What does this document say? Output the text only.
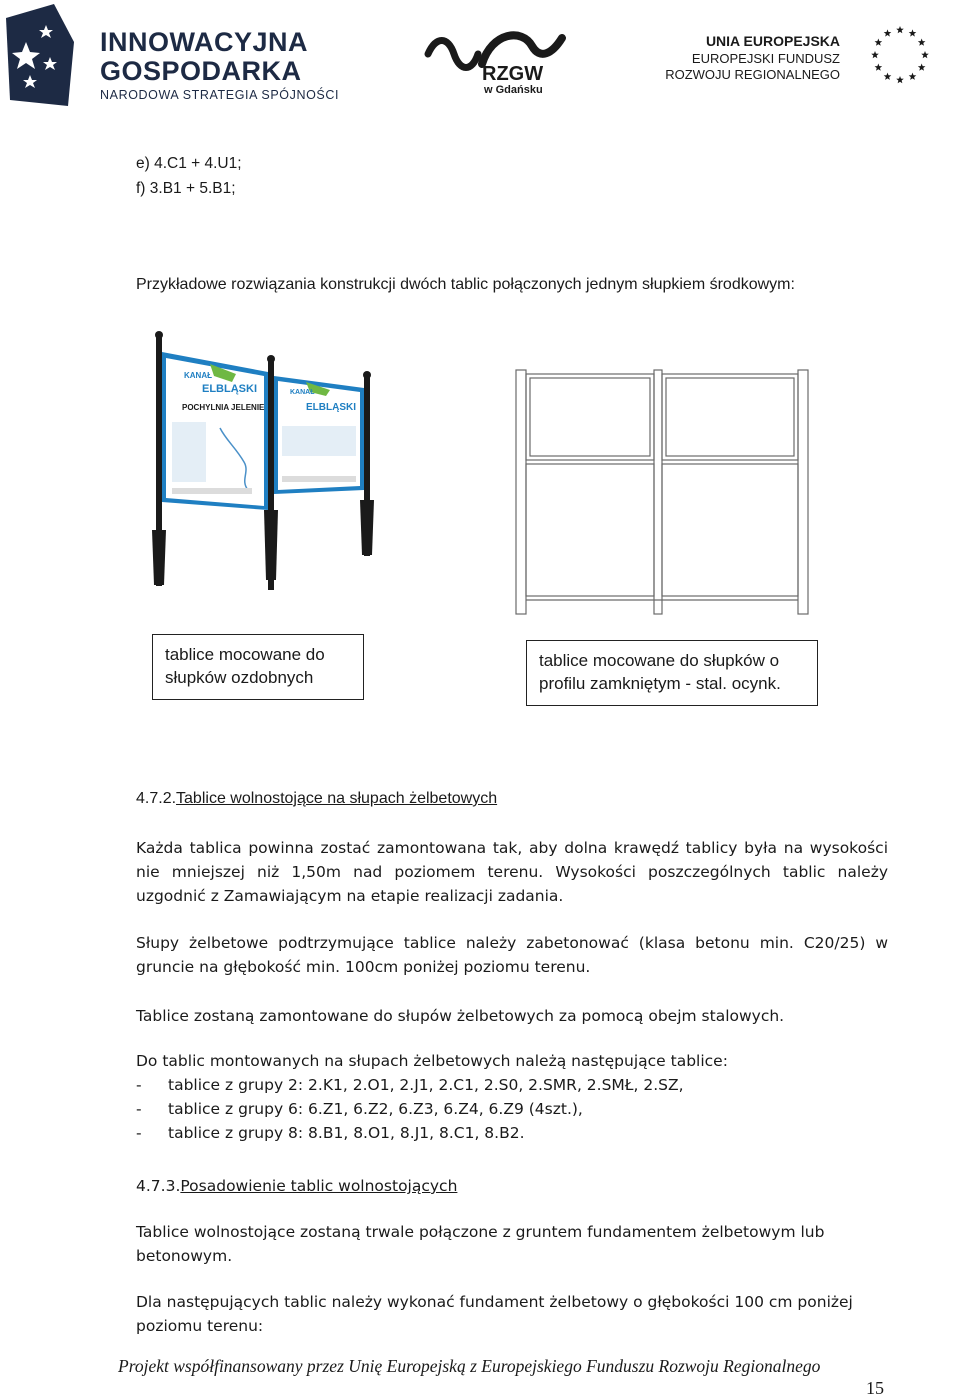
INNOWACYJNA
GOSPODARKA
NARODOWA STRATEGIA SPÓJNOŚCI
RZGW
w Gdańsku
UNIA EUROPEJSKA
EUROPEJSKI FUNDUSZ
ROZWOJU REGIONALNEGO
e) 4.C1 + 4.U1;
f) 3.B1 + 5.B1;
Przykładowe rozwiązania konstrukcji dwóch tablic połączonych jednym słupkiem środkowym:
KANAŁ
ELBLĄSKI
POCHYLNIA JELENIE
KANAŁ
ELBLĄSKI
tablice mocowane do słupków ozdobnych
tablice mocowane do słupków o profilu zamkniętym - stal. ocynk.
4.7.2.Tablice wolnostojące na słupach żelbetowych
Każda tablica powinna zostać zamontowana tak, aby dolna krawędź tablicy była na wysokości nie mniejszej niż 1,50m nad poziomem terenu. Wysokości poszczególnych tablic należy uzgodnić z Zamawiającym na etapie realizacji zadania.
Słupy żelbetowe podtrzymujące tablice należy zabetonować (klasa betonu min. C20/25) w gruncie na głębokość min. 100cm poniżej poziomu terenu.
Tablice zostaną zamontowane do słupów żelbetowych za pomocą obejm stalowych.
Do tablic montowanych na słupach żelbetowych należą następujące tablice:
- tablice z grupy 2: 2.K1, 2.O1, 2.J1, 2.C1, 2.S0, 2.SMR, 2.SMŁ, 2.SZ,
- tablice z grupy 6: 6.Z1, 6.Z2, 6.Z3, 6.Z4, 6.Z9 (4szt.),
- tablice z grupy 8: 8.B1, 8.O1, 8.J1, 8.C1, 8.B2.
4.7.3.Posadowienie tablic wolnostojących
Tablice wolnostojące zostaną trwale połączone z gruntem fundamentem żelbetowym lub betonowym.
Dla następujących tablic należy wykonać fundament żelbetowy o głębokości 100 cm poniżej poziomu terenu:
Projekt współfinansowany przez Unię Europejską z Europejskiego Funduszu Rozwoju Regionalnego
15
